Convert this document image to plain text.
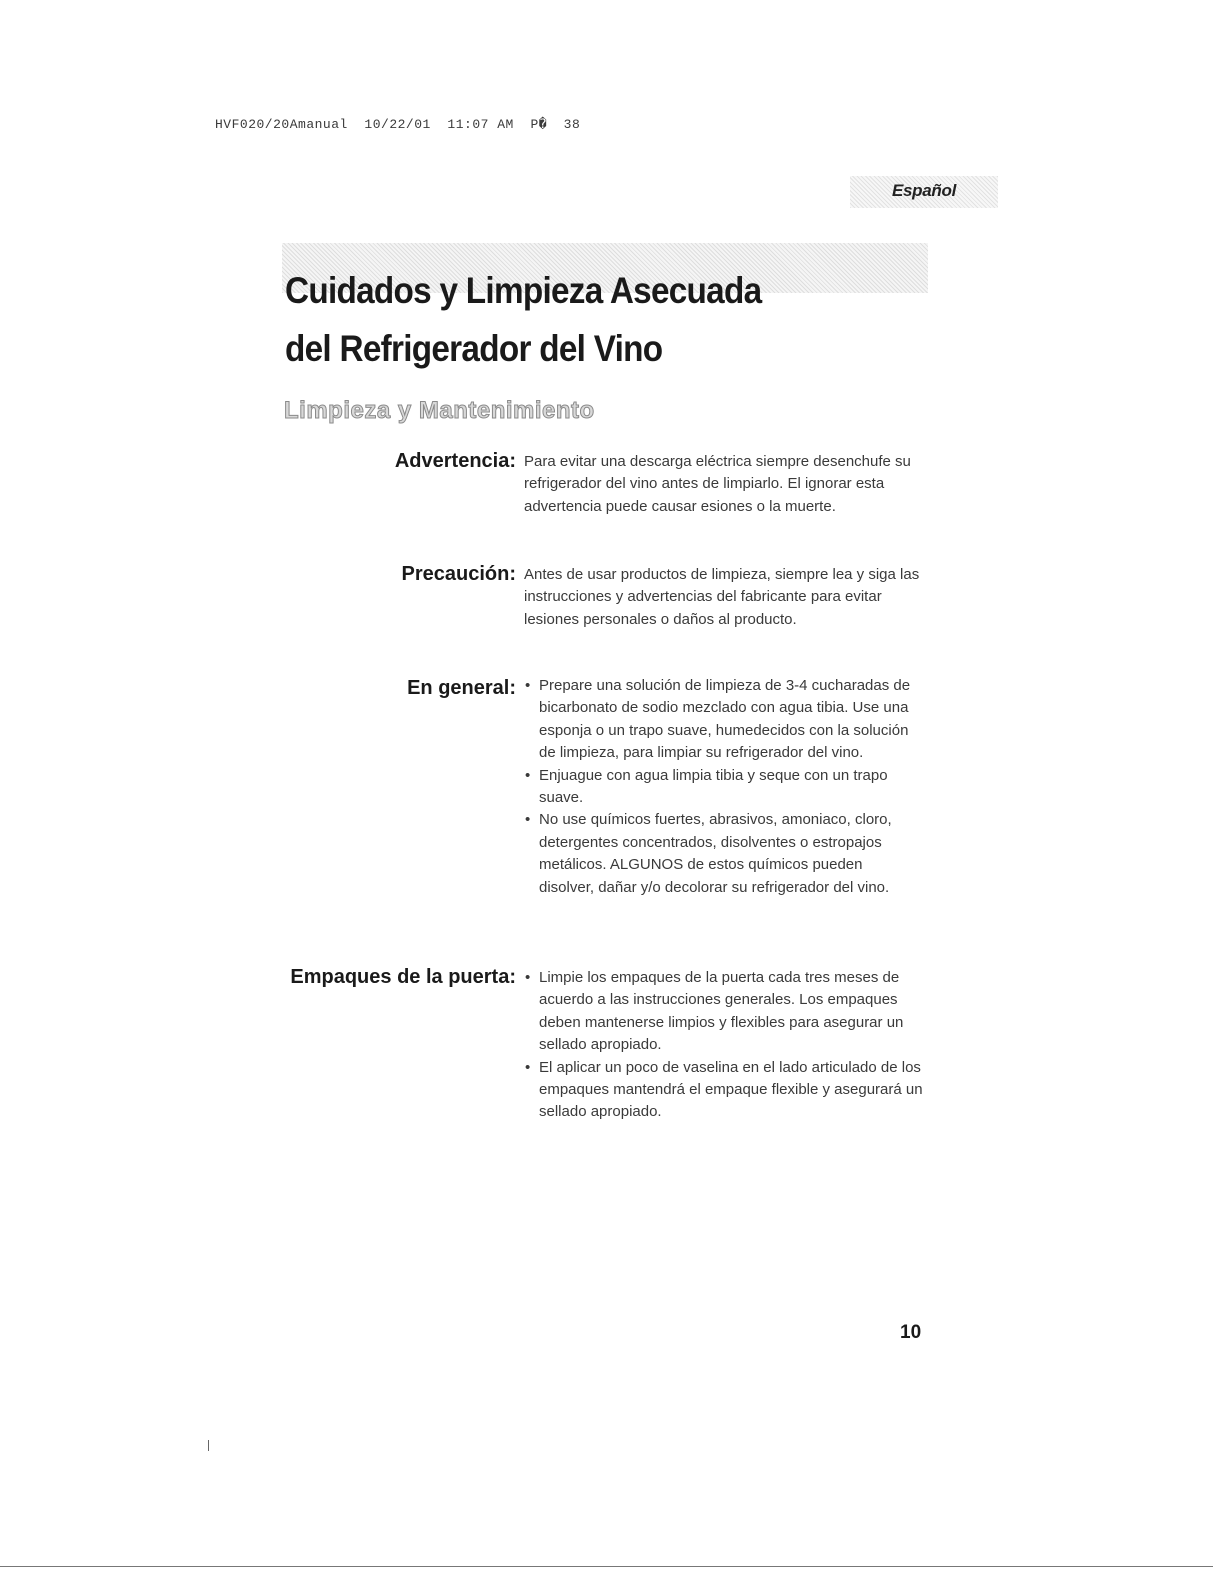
HVF020/20Amanual  10/22/01  11:07 AM  P�  38
Español
Cuidados y Limpieza Asecuada
del Refrigerador del Vino
Limpieza y Mantenimiento
Advertencia: Para evitar una descarga eléctrica siempre desenchufe su refrigerador del vino antes de limpiarlo. El ignorar esta advertencia puede causar esiones o la muerte.

Precaución: Antes de usar productos de limpieza, siempre lea y siga las instrucciones y advertencias del fabricante para evitar lesiones personales o daños al producto.

En general:	• Prepare una solución de limpieza de 3-4 cucharadas de bicarbonato de sodio mezclado con agua tibia. Use una esponja o un trapo suave, humedecidos con la solución de limpieza, para limpiar su refrigerador del vino.
• Enjuague con agua limpia tibia y seque con un trapo suave.
• No use químicos fuertes, abrasivos, amoniaco, cloro, detergentes concentrados, disolventes o estropajos metálicos. ALGUNOS de estos químicos pueden disolver, dañar y/o decolorar su refrigerador del vino.
Empaques de la puerta:	• Limpie los empaques de la puerta cada tres meses de acuerdo a las instrucciones generales. Los empaques deben mantenerse limpios y flexibles para asegurar un sellado apropiado.
• El aplicar un poco de vaselina en el lado articulado de los empaques mantendrá el empaque flexible y asegurará un sellado apropiado.
10
